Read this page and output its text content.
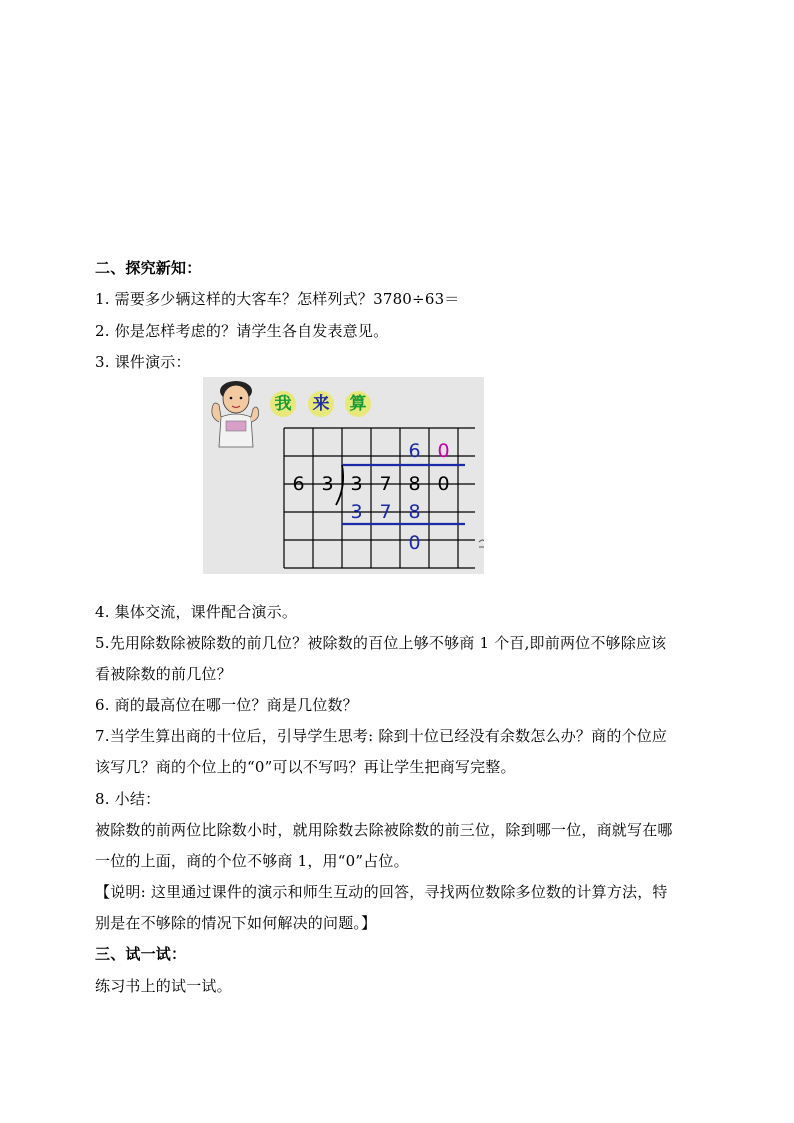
二、探究新知：
1. 需要多少辆这样的大客车？怎样列式？3780÷63＝
2. 你是怎样考虑的？请学生各自发表意见。
3. 课件演示：
我 来 算
6 0
6 3 3 7 8 0
3 7 8
0
4. 集体交流，课件配合演示。
5.先用除数除被除数的前几位？被除数的百位上够不够商 1 个百,即前两位不够除应该
看被除数的前几位？
6. 商的最高位在哪一位？商是几位数？
7.当学生算出商的十位后，引导学生思考: 除到十位已经没有余数怎么办？商的个位应
该写几？商的个位上的“0”可以不写吗？再让学生把商写完整。
8. 小结：
被除数的前两位比除数小时，就用除数去除被除数的前三位，除到哪一位，商就写在哪
一位的上面，商的个位不够商 1，用“0”占位。
【说明: 这里通过课件的演示和师生互动的回答，寻找两位数除多位数的计算方法，特
别是在不够除的情况下如何解决的问题。】
三、试一试：
练习书上的试一试。
